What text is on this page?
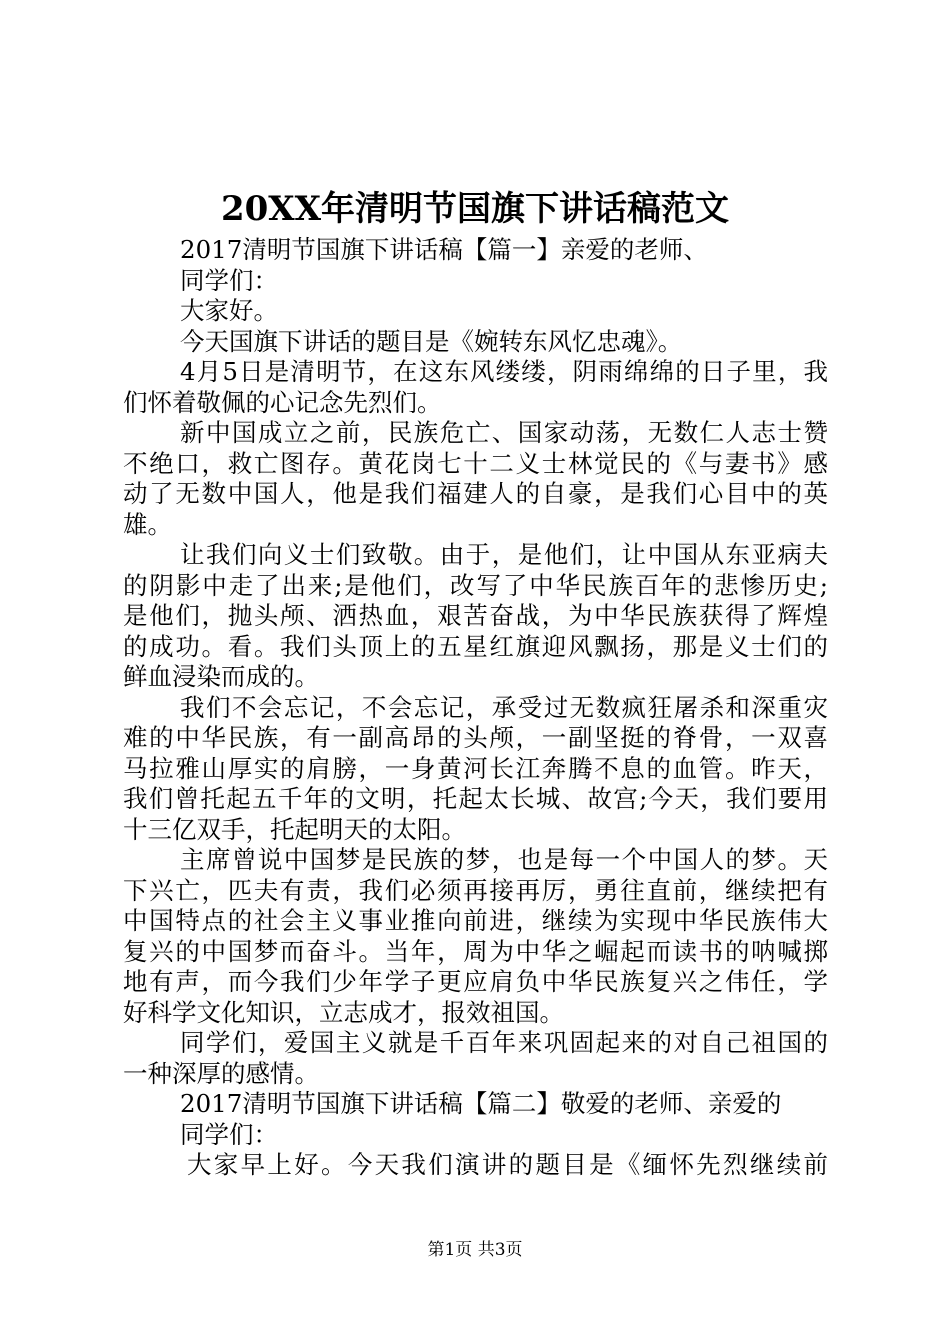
20XX年清明节国旗下讲话稿范文
2017清明节国旗下讲话稿【篇一】亲爱的老师、
同学们：
大家好。
今天国旗下讲话的题目是《婉转东风忆忠魂》。
4月5日是清明节，在这东风缕缕，阴雨绵绵的日子里，我
们怀着敬佩的心记念先烈们。
新中国成立之前，民族危亡、国家动荡，无数仁人志士赞
不绝口，救亡图存。黄花岗七十二义士林觉民的《与妻书》感
动了无数中国人，他是我们福建人的自豪，是我们心目中的英
雄。
让我们向义士们致敬。由于，是他们，让中国从东亚病夫
的阴影中走了出来;是他们，改写了中华民族百年的悲惨历史;
是他们，抛头颅、洒热血，艰苦奋战，为中华民族获得了辉煌
的成功。看。我们头顶上的五星红旗迎风飘扬，那是义士们的
鲜血浸染而成的。
我们不会忘记，不会忘记，承受过无数疯狂屠杀和深重灾
难的中华民族，有一副高昂的头颅，一副坚挺的脊骨，一双喜
马拉雅山厚实的肩膀，一身黄河长江奔腾不息的血管。昨天，
我们曾托起五千年的文明，托起太长城、故宫;今天，我们要用
十三亿双手，托起明天的太阳。
主席曾说中国梦是民族的梦，也是每一个中国人的梦。天
下兴亡，匹夫有责，我们必须再接再厉，勇往直前，继续把有
中国特点的社会主义事业推向前进，继续为实现中华民族伟大
复兴的中国梦而奋斗。当年，周为中华之崛起而读书的呐喊掷
地有声，而今我们少年学子更应肩负中华民族复兴之伟任，学
好科学文化知识，立志成才，报效祖国。
同学们，爱国主义就是千百年来巩固起来的对自己祖国的
一种深厚的感情。
2017清明节国旗下讲话稿【篇二】敬爱的老师、亲爱的
同学们：
大家早上好。今天我们演讲的题目是《缅怀先烈继续前
第1页 共3页
